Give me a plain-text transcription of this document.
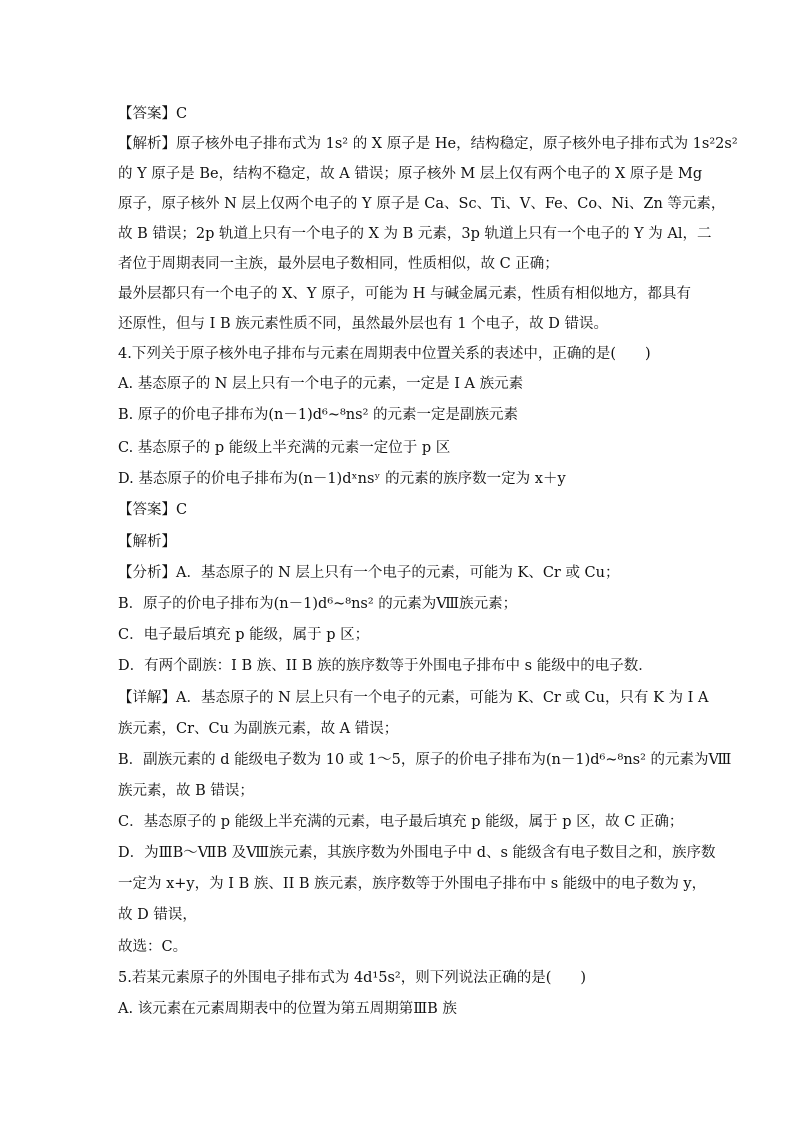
【答案】C
【解析】原子核外电子排布式为 1s² 的 X 原子是 He，结构稳定，原子核外电子排布式为 1s²2s²
的 Y 原子是 Be，结构不稳定，故 A 错误；原子核外 M 层上仅有两个电子的 X 原子是 Mg
原子，原子核外 N 层上仅两个电子的 Y 原子是 Ca、Sc、Ti、V、Fe、Co、Ni、Zn 等元素，
故 B 错误；2p 轨道上只有一个电子的 X 为 B 元素，3p 轨道上只有一个电子的 Y 为 Al，二
者位于周期表同一主族，最外层电子数相同，性质相似，故 C 正确；
最外层都只有一个电子的 X、Y 原子，可能为 H 与碱金属元素，性质有相似地方，都具有
还原性，但与 I B 族元素性质不同，虽然最外层也有 1 个电子，故 D 错误。
4.下列关于原子核外电子排布与元素在周期表中位置关系的表述中，正确的是(　　)
A. 基态原子的 N 层上只有一个电子的元素，一定是 I A 族元素
B. 原子的价电子排布为(n－1)d⁶~⁸ns² 的元素一定是副族元素
C. 基态原子的 p 能级上半充满的元素一定位于 p 区
D. 基态原子的价电子排布为(n－1)dˣnsʸ 的元素的族序数一定为 x＋y
【答案】C
【解析】
【分析】A．基态原子的 N 层上只有一个电子的元素，可能为 K、Cr 或 Cu；
B．原子的价电子排布为(n－1)d⁶~⁸ns² 的元素为Ⅷ族元素；
C．电子最后填充 p 能级，属于 p 区；
D．有两个副族：I B 族、II B 族的族序数等于外围电子排布中 s 能级中的电子数．
【详解】A．基态原子的 N 层上只有一个电子的元素，可能为 K、Cr 或 Cu，只有 K 为 I A
族元素，Cr、Cu 为副族元素，故 A 错误；
B．副族元素的 d 能级电子数为 10 或 1～5，原子的价电子排布为(n－1)d⁶~⁸ns² 的元素为Ⅷ
族元素，故 B 错误；
C．基态原子的 p 能级上半充满的元素，电子最后填充 p 能级，属于 p 区，故 C 正确；
D．为ⅢB～ⅦB 及Ⅷ族元素，其族序数为外围电子中 d、s 能级含有电子数目之和，族序数
一定为 x+y，为 I B 族、II B 族元素，族序数等于外围电子排布中 s 能级中的电子数为 y，
故 D 错误，
故选：C。
5.若某元素原子的外围电子排布式为 4d¹5s²，则下列说法正确的是(　　)
A. 该元素在元素周期表中的位置为第五周期第ⅢB 族
